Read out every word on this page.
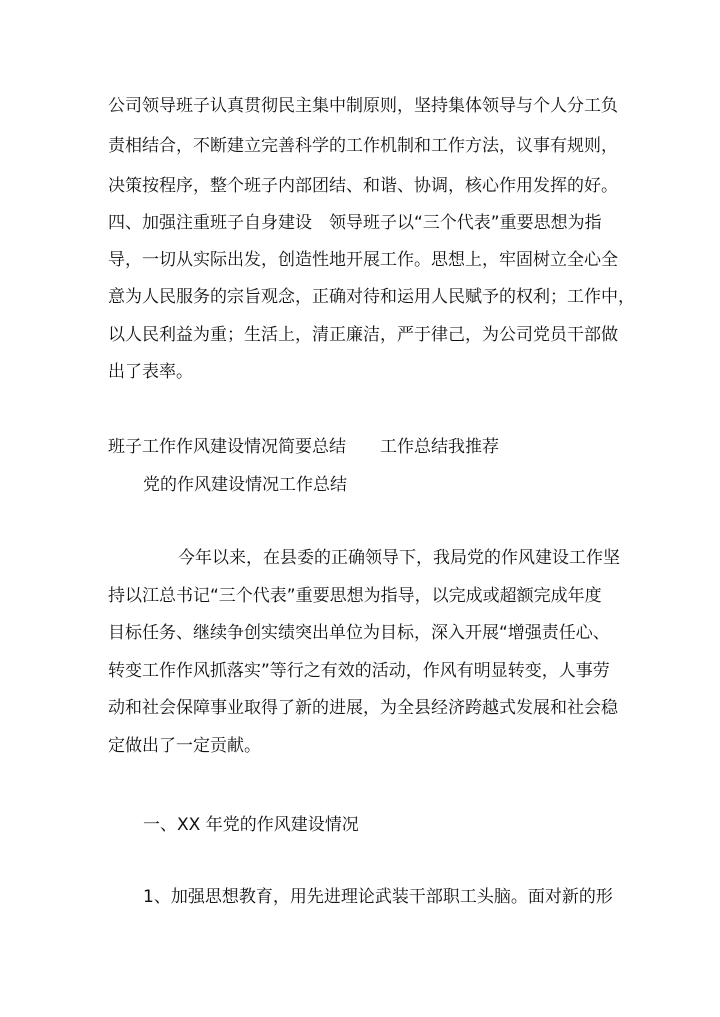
公司领导班子认真贯彻民主集中制原则，坚持集体领导与个人分工负
责相结合，不断建立完善科学的工作机制和工作方法，议事有规则，
决策按程序，整个班子内部团结、和谐、协调，核心作用发挥的好。
四、加强注重班子自身建设　领导班子以“三个代表”重要思想为指
导，一切从实际出发，创造性地开展工作。思想上，牢固树立全心全
意为人民服务的宗旨观念，正确对待和运用人民赋予的权利；工作中，
以人民利益为重；生活上，清正廉洁，严于律己，为公司党员干部做
出了表率。
班子工作作风建设情况简要总结 工作总结我推荐
党的作风建设情况工作总结
今年以来，在县委的正确领导下，我局党的作风建设工作坚
持以江总书记“三个代表”重要思想为指导，以完成或超额完成年度
目标任务、继续争创实绩突出单位为目标，深入开展“增强责任心、
转变工作作风抓落实”等行之有效的活动，作风有明显转变，人事劳
动和社会保障事业取得了新的进展，为全县经济跨越式发展和社会稳
定做出了一定贡献。
一、XX 年党的作风建设情况
1、加强思想教育，用先进理论武装干部职工头脑。面对新的形
